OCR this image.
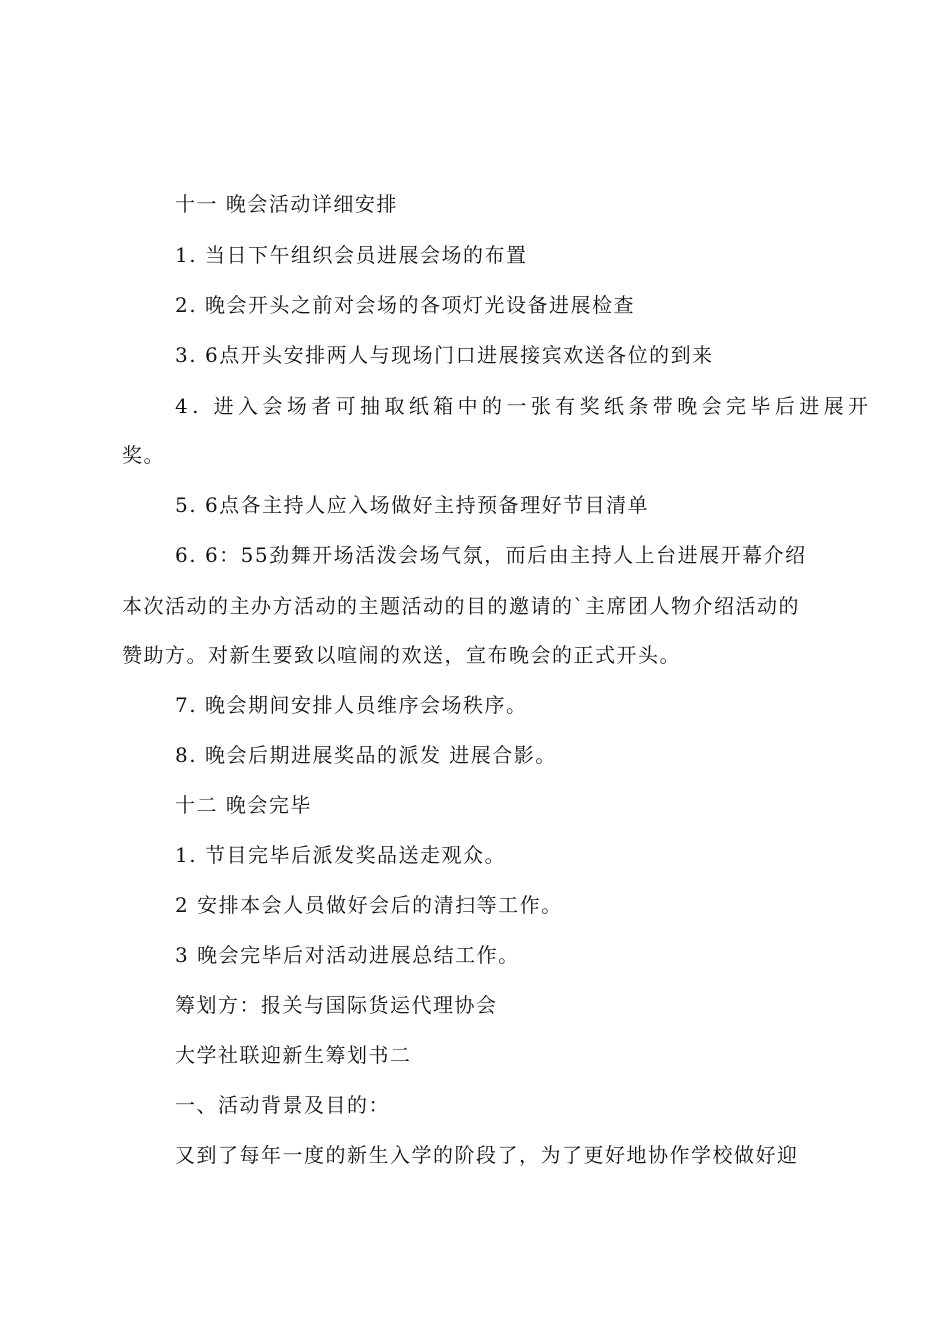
十一 晚会活动详细安排
1. 当日下午组织会员进展会场的布置
2. 晚会开头之前对会场的各项灯光设备进展检查
3. 6点开头安排两人与现场门口进展接宾欢送各位的到来
4. 进入会场者可抽取纸箱中的一张有奖纸条带晚会完毕后进展开
奖。
5. 6点各主持人应入场做好主持预备理好节目清单
6. 6：55劲舞开场活泼会场气氛，而后由主持人上台进展开幕介绍
本次活动的主办方活动的主题活动的目的邀请的`主席团人物介绍活动的
赞助方。对新生要致以喧闹的欢送，宣布晚会的正式开头。
7. 晚会期间安排人员维序会场秩序。
8. 晚会后期进展奖品的派发 进展合影。
十二 晚会完毕
1. 节目完毕后派发奖品送走观众。
2 安排本会人员做好会后的清扫等工作。
3 晚会完毕后对活动进展总结工作。
筹划方：报关与国际货运代理协会
大学社联迎新生筹划书二
一、活动背景及目的：
又到了每年一度的新生入学的阶段了，为了更好地协作学校做好迎
